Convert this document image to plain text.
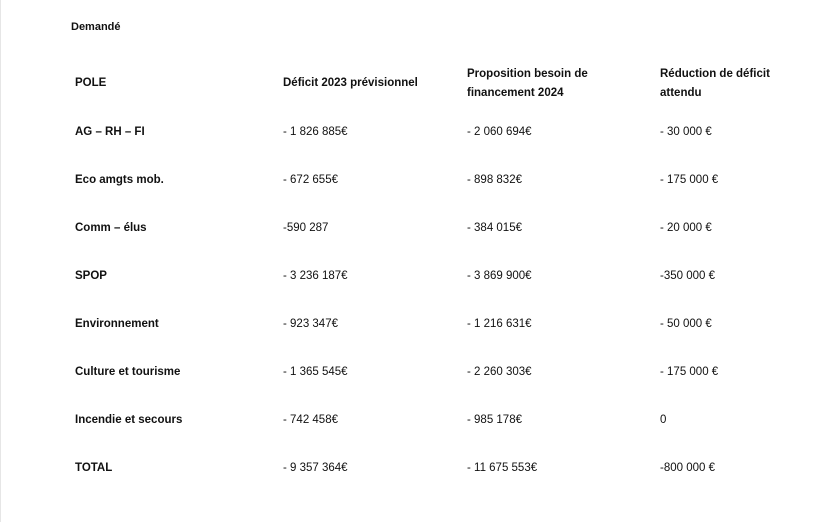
Demandé
POLE	Déficit 2023 prévisionnel	Proposition besoin de financement 2024	Réduction de déficit attendu
AG – RH – FI	- 1 826 885€	- 2 060 694€	- 30 000 €
Eco amgts mob.	- 672 655€	- 898 832€	- 175 000 €
Comm – élus	-590 287	- 384 015€	- 20 000 €
SPOP	- 3 236 187€	- 3 869 900€	-350 000 €
Environnement	- 923 347€	- 1 216 631€	- 50 000 €
Culture et tourisme	- 1 365 545€	- 2 260 303€	- 175 000 €
Incendie et secours	- 742 458€	- 985 178€	0
TOTAL	- 9 357 364€	- 11 675 553€	-800 000 €
